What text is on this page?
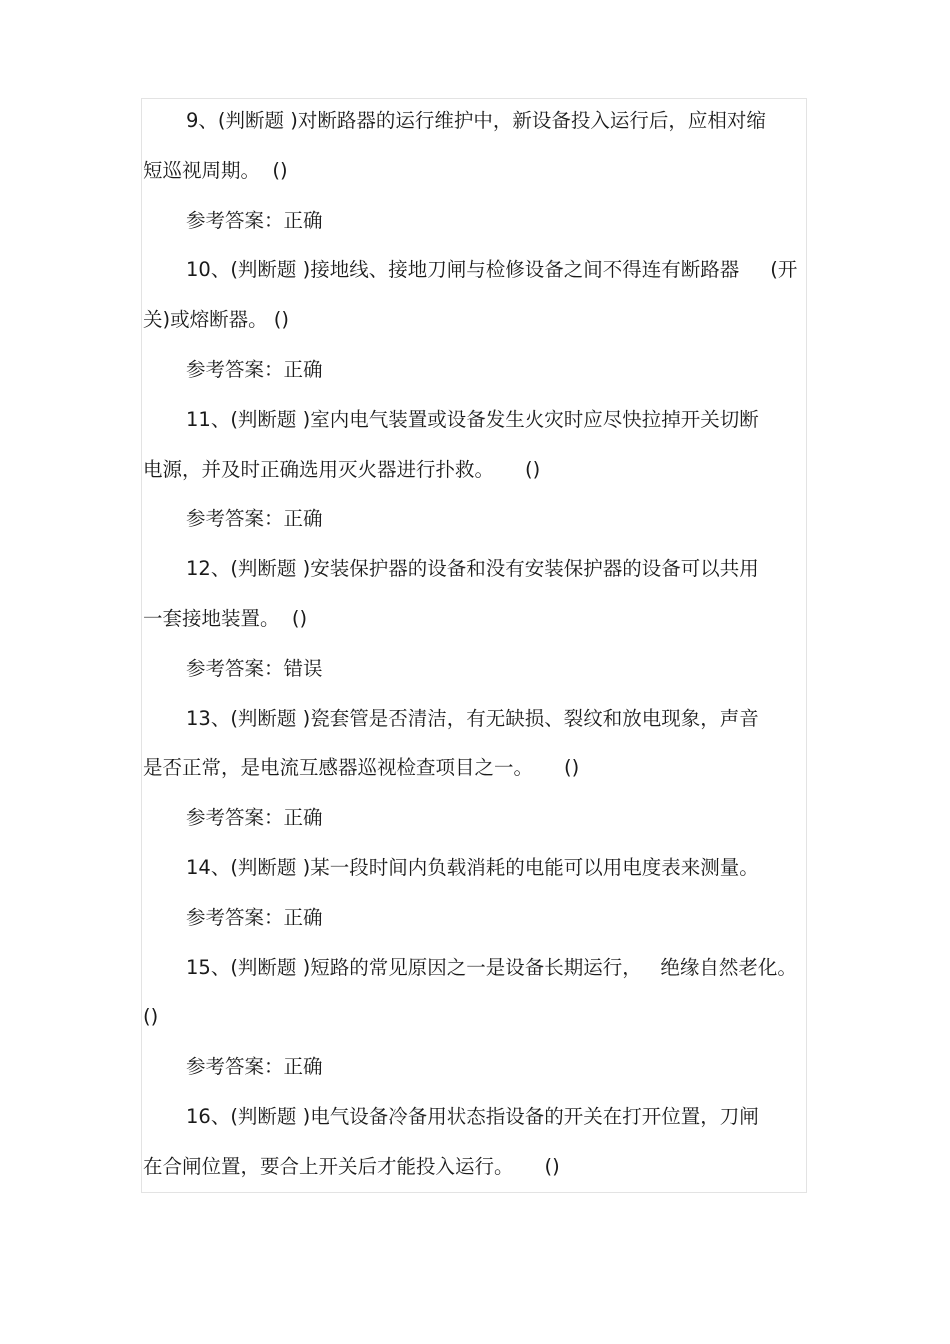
9、(判断题 )对断路器的运行维护中，新设备投入运行后，应相对缩
短巡视周期。  ()
参考答案：正确
10、(判断题 )接地线、接地刀闸与检修设备之间不得连有断路器     (开
关)或熔断器。 ()
参考答案：正确
11、(判断题 )室内电气装置或设备发生火灾时应尽快拉掉开关切断
电源，并及时正确选用灭火器进行扑救。     ()
参考答案：正确
12、(判断题 )安装保护器的设备和没有安装保护器的设备可以共用
一套接地装置。  ()
参考答案：错误
13、(判断题 )瓷套管是否清洁，有无缺损、裂纹和放电现象，声音
是否正常，是电流互感器巡视检查项目之一。     ()
参考答案：正确
14、(判断题 )某一段时间内负载消耗的电能可以用电度表来测量。
参考答案：正确
15、(判断题 )短路的常见原因之一是设备长期运行，   绝缘自然老化。
()
参考答案：正确
16、(判断题 )电气设备冷备用状态指设备的开关在打开位置，刀闸
在合闸位置，要合上开关后才能投入运行。     ()
